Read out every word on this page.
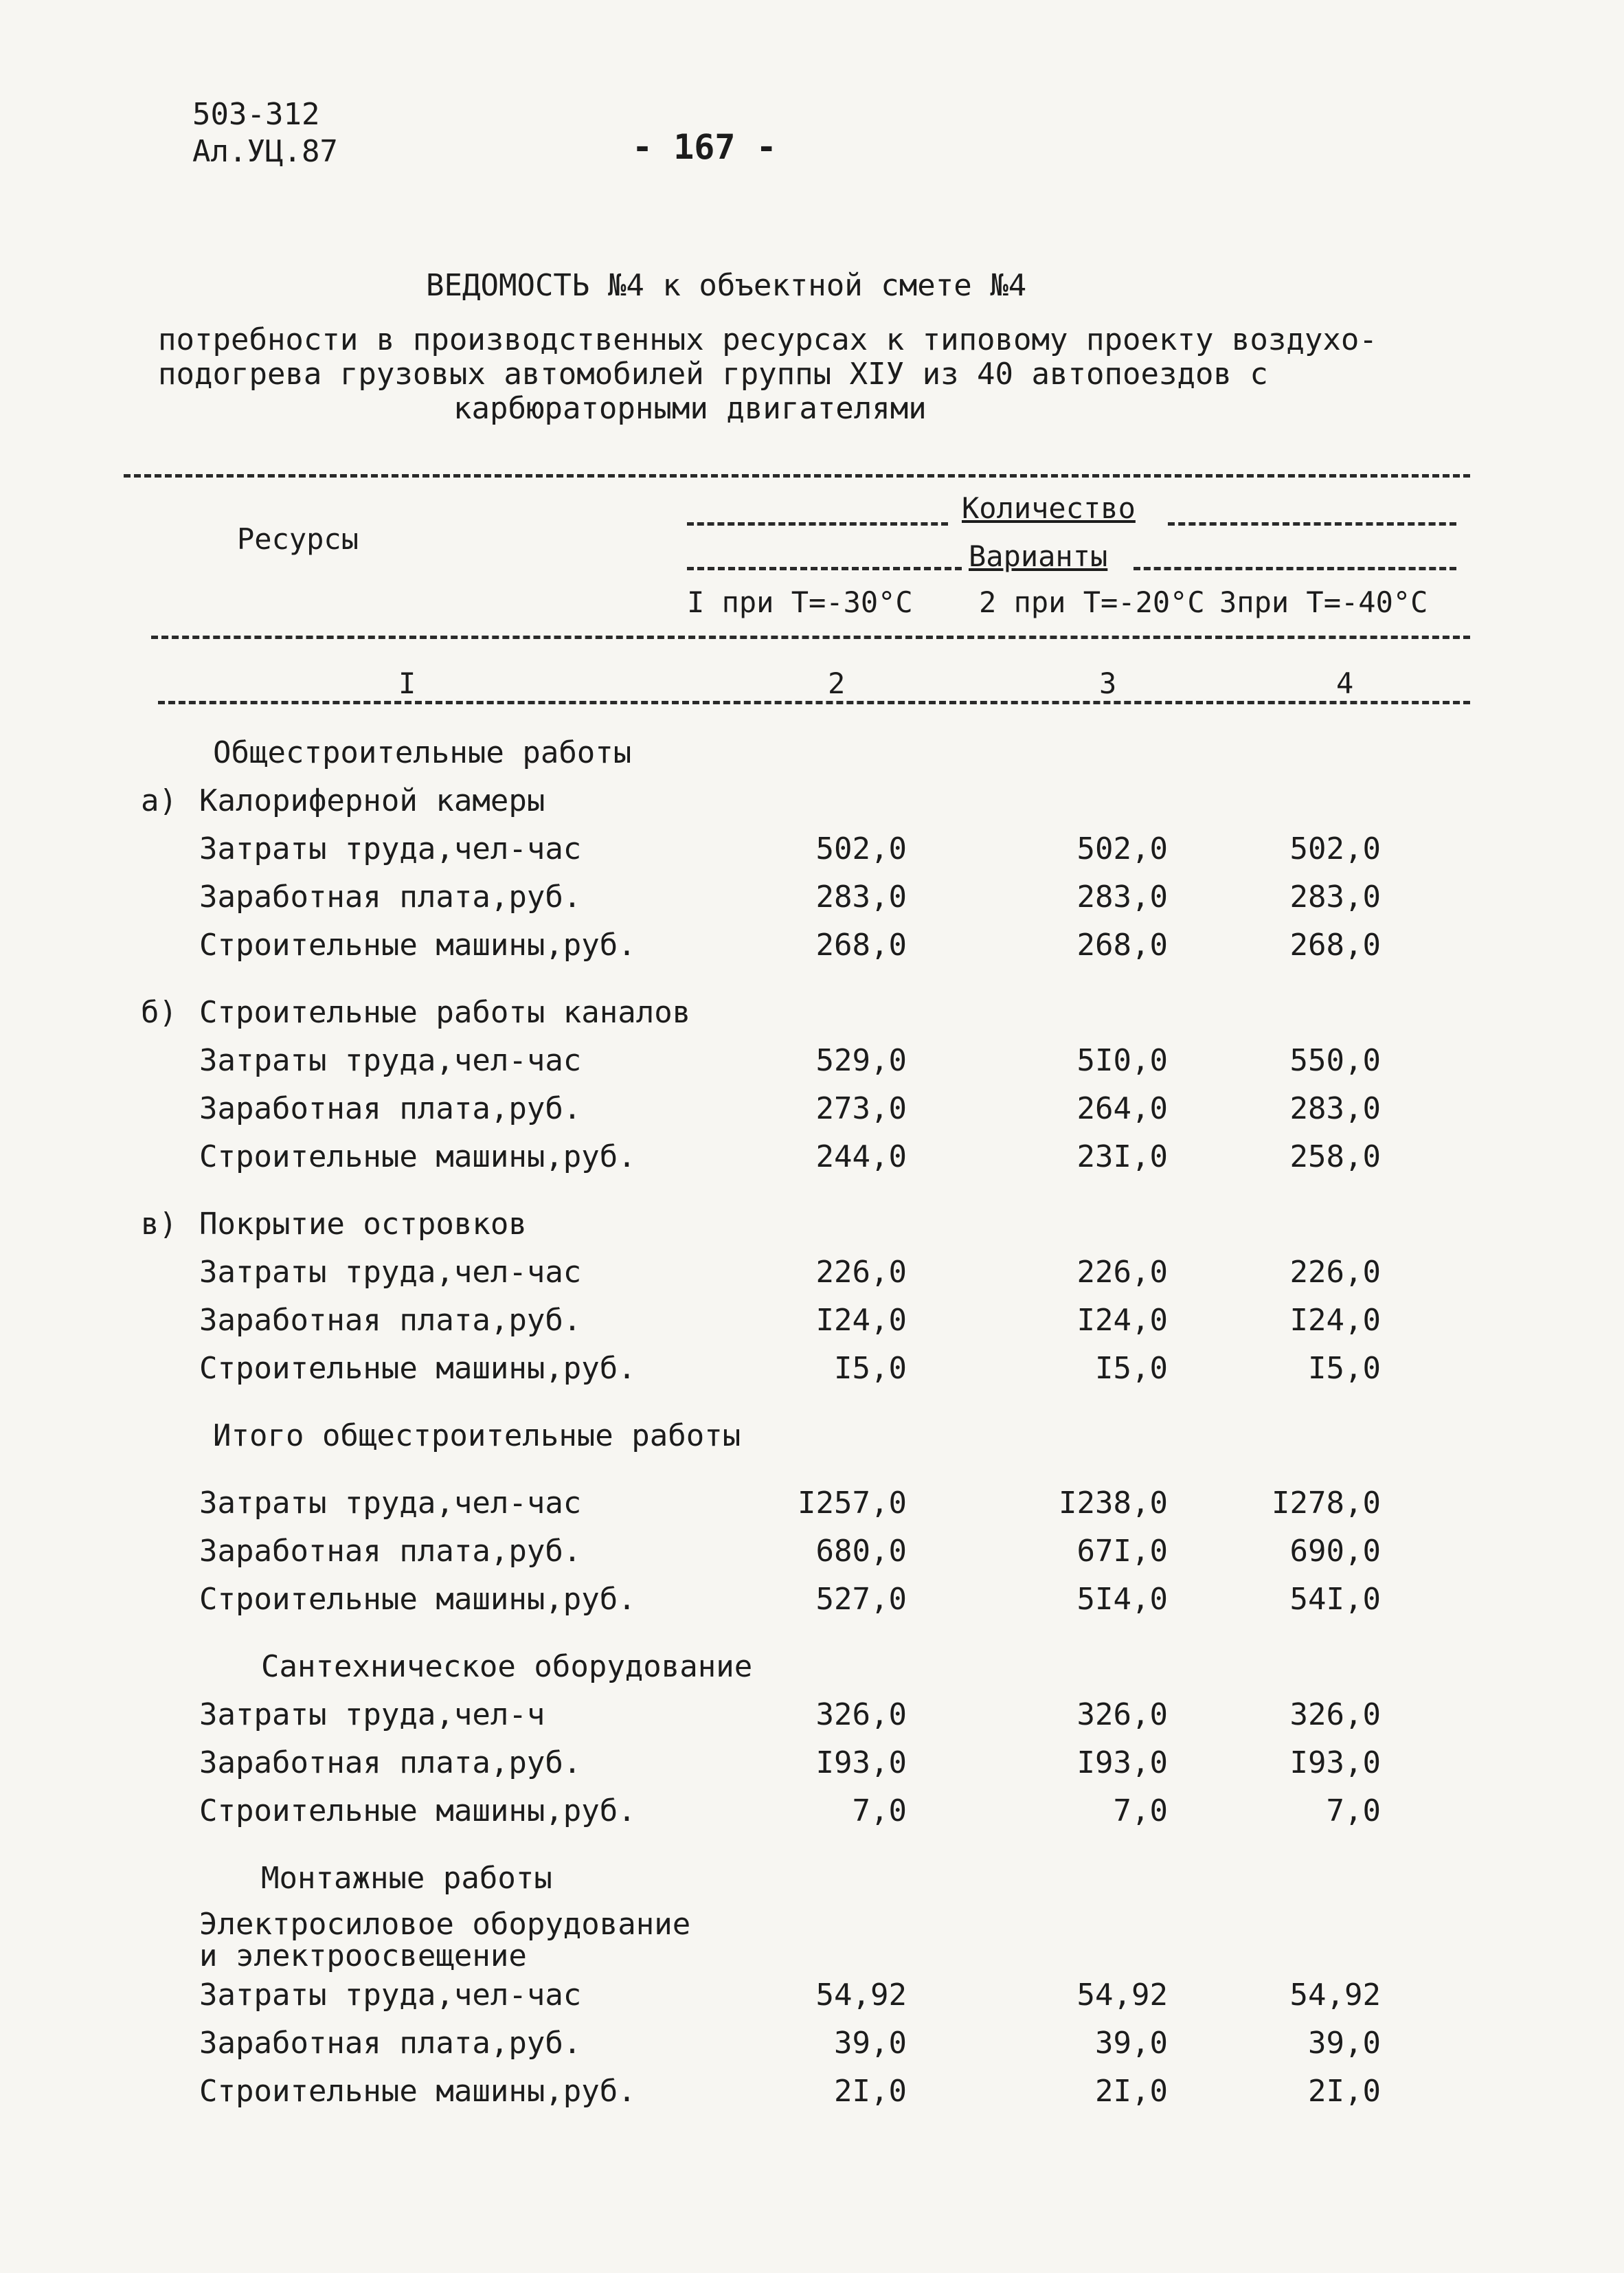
503-312
Ал.УЦ.87	- 167 -
ВЕДОМОСТЬ №4 к объектной смете №4
потребности в производственных ресурсах к типовому проекту воздухо-
подогрева грузовых автомобилей группы XIУ из 40 автопоездов с
карбюраторными двигателями
Ресурсы
Количество
Варианты
I при Т=-30°С 2 при Т=-20°С 3при Т=-40°С
I	2	3	4
Общестроительные работы
а) Калориферной камеры
Затраты труда,чел-час	502,0	502,0	502,0
Заработная плата,руб.	283,0	283,0	283,0
Строительные машины,руб.	268,0	268,0	268,0
б) Строительные работы каналов
Затраты труда,чел-час	529,0	5I0,0	550,0
Заработная плата,руб.	273,0	264,0	283,0
Строительные машины,руб.	244,0	23I,0	258,0
в) Покрытие островков
Затраты труда,чел-час	226,0	226,0	226,0
Заработная плата,руб.	I24,0	I24,0	I24,0
Строительные машины,руб.	I5,0	I5,0	I5,0
Итого общестроительные работы
Затраты труда,чел-час	I257,0	I238,0	I278,0
Заработная плата,руб.	680,0	67I,0	690,0
Строительные машины,руб.	527,0	5I4,0	54I,0
Сантехническое оборудование
Затраты труда,чел-ч	326,0	326,0	326,0
Заработная плата,руб.	I93,0	I93,0	I93,0
Строительные машины,руб.	7,0	7,0	7,0
Монтажные работы
Электросиловое оборудование
и электроосвещение
Затраты труда,чел-час	54,92	54,92	54,92
Заработная плата,руб.	39,0	39,0	39,0
Строительные машины,руб.	2I,0	2I,0	2I,0
